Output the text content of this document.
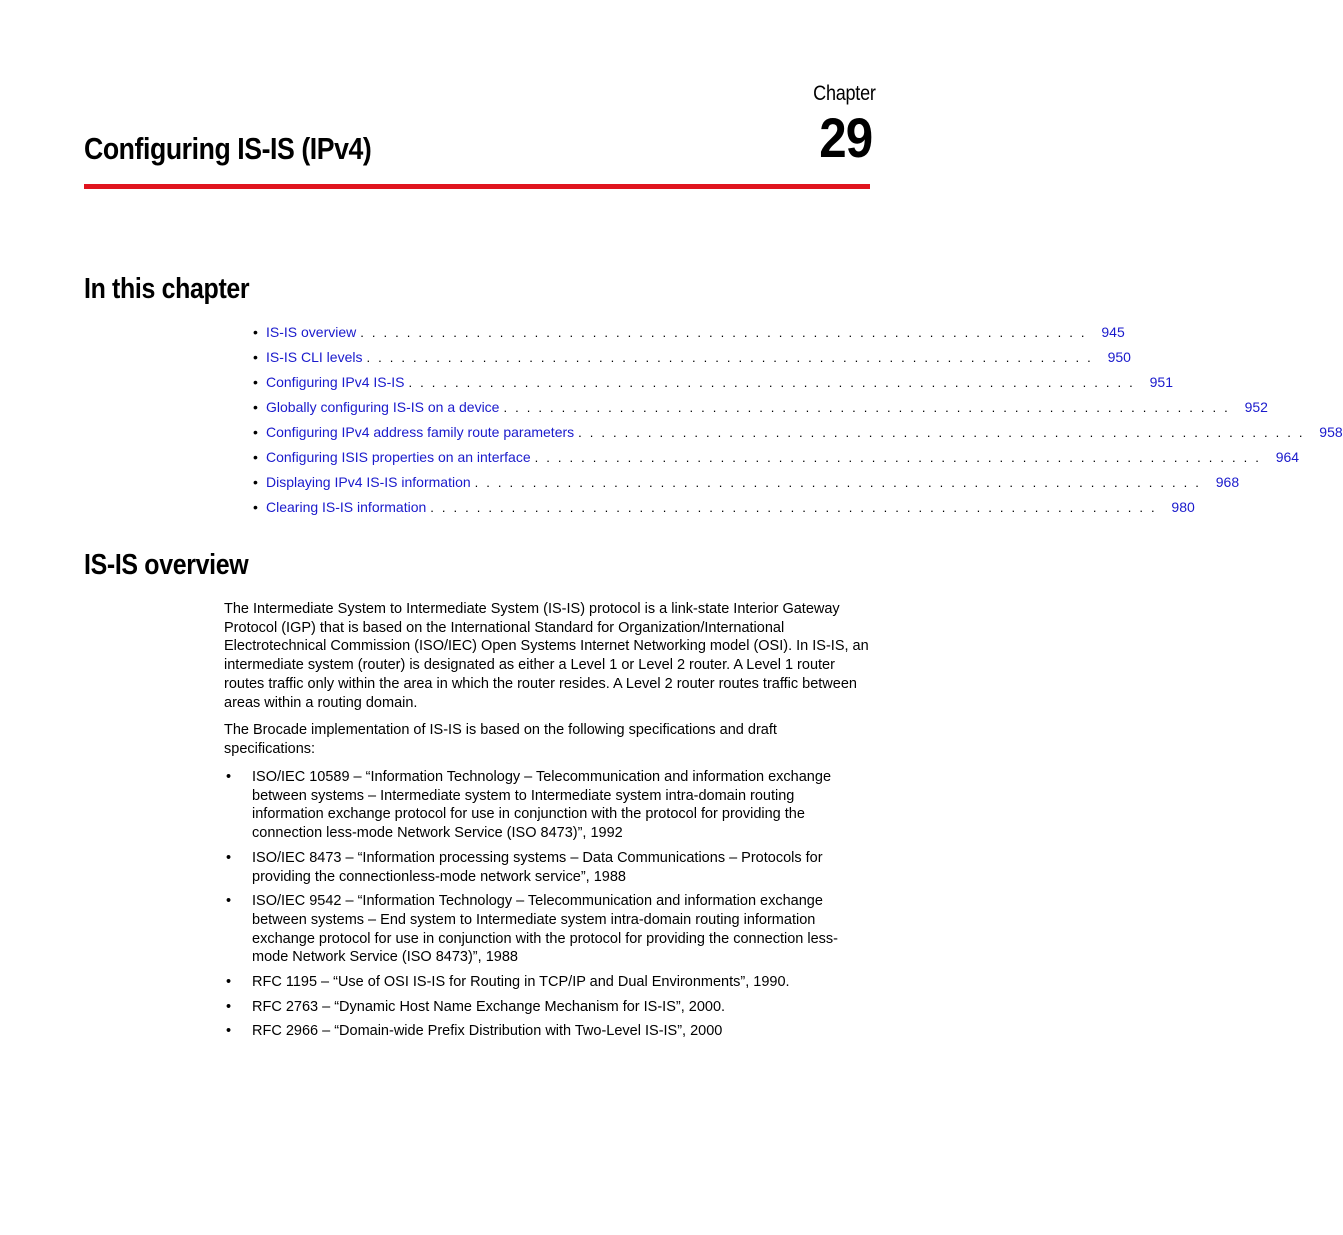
Chapter
29
Configuring IS-IS (IPv4)
In this chapter
• IS-IS overview . . . . . . . . . . . . . . . . . . . . . . . . . . . . . . . . . . . . . . . . . . . . . . . . . . . . . . . . . . . . . . .	945
• IS-IS CLI levels . . . . . . . . . . . . . . . . . . . . . . . . . . . . . . . . . . . . . . . . . . . . . . . . . . . . . . . . . . . . . . .	950
• Configuring IPv4 IS-IS . . . . . . . . . . . . . . . . . . . . . . . . . . . . . . . . . . . . . . . . . . . . . . . . . . . . . . . . . . . . . . .	951
• Globally configuring IS-IS on a device . . . . . . . . . . . . . . . . . . . . . . . . . . . . . . . . . . . . . . . . . . . . . . . . . . . . . . . . . . . . . . .	952
• Configuring IPv4 address family route parameters . . . . . . . . . . . . . . . . . . . . . . . . . . . . . . . . . . . . . . . . . . . . . . . . . . . . . . . . . . . . . . .	958
• Configuring ISIS properties on an interface . . . . . . . . . . . . . . . . . . . . . . . . . . . . . . . . . . . . . . . . . . . . . . . . . . . . . . . . . . . . . . .	964
• Displaying IPv4 IS-IS information . . . . . . . . . . . . . . . . . . . . . . . . . . . . . . . . . . . . . . . . . . . . . . . . . . . . . . . . . . . . . . .	968
• Clearing IS-IS information . . . . . . . . . . . . . . . . . . . . . . . . . . . . . . . . . . . . . . . . . . . . . . . . . . . . . . . . . . . . . . .	980
IS-IS overview

The Intermediate System to Intermediate System (IS-IS) protocol is a link-state Interior Gateway Protocol (IGP) that is based on the International Standard for Organization/International Electrotechnical Commission (ISO/IEC) Open Systems Internet Networking model (OSI). In IS-IS, an intermediate system (router) is designated as either a Level 1 or Level 2 router. A Level 1 router routes traffic only within the area in which the router resides. A Level 2 router routes traffic between areas within a routing domain.

The Brocade implementation of IS-IS is based on the following specifications and draft specifications:

• ISO/IEC 10589 – “Information Technology – Telecommunication and information exchange between systems – Intermediate system to Intermediate system intra-domain routing information exchange protocol for use in conjunction with the protocol for providing the connection less-mode Network Service (ISO 8473)”, 1992
• ISO/IEC 8473 – “Information processing systems – Data Communications – Protocols for providing the connectionless-mode network service”, 1988
• ISO/IEC 9542 – “Information Technology – Telecommunication and information exchange between systems – End system to Intermediate system intra-domain routing information exchange protocol for use in conjunction with the protocol for providing the connection less-mode Network Service (ISO 8473)”, 1988
• RFC 1195 – “Use of OSI IS-IS for Routing in TCP/IP and Dual Environments”, 1990.
• RFC 2763 – “Dynamic Host Name Exchange Mechanism for IS-IS”, 2000.
• RFC 2966 – “Domain-wide Prefix Distribution with Two-Level IS-IS”, 2000
